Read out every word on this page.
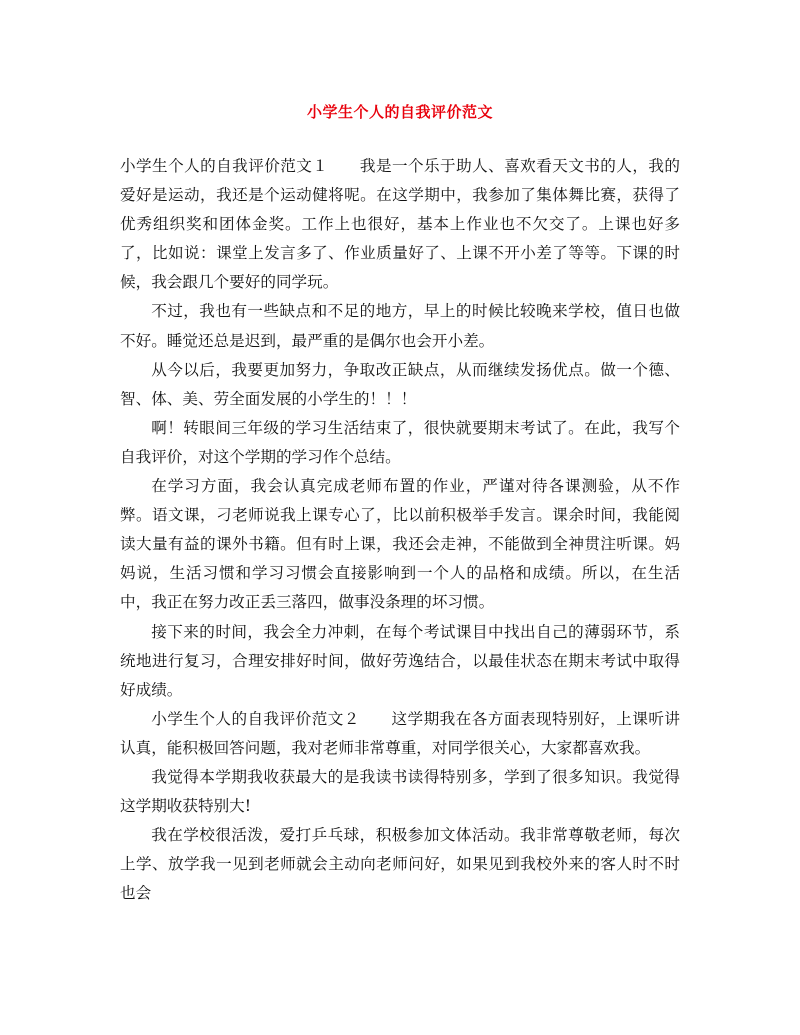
小学生个人的自我评价范文

小学生个人的自我评价范文１ 我是一个乐于助人、喜欢看天文书的人，我的爱好是运动，我还是个运动健将呢。在这学期中，我参加了集体舞比赛，获得了优秀组织奖和团体金奖。工作上也很好，基本上作业也不欠交了。上课也好多了，比如说：课堂上发言多了、作业质量好了、上课不开小差了等等。下课的时候，我会跟几个要好的同学玩。

不过，我也有一些缺点和不足的地方，早上的时候比较晚来学校，值日也做不好。睡觉还总是迟到，最严重的是偶尔也会开小差。

从今以后，我要更加努力，争取改正缺点，从而继续发扬优点。做一个德、智、体、美、劳全面发展的小学生的！！！

啊！转眼间三年级的学习生活结束了，很快就要期末考试了。在此，我写个自我评价，对这个学期的学习作个总结。

在学习方面，我会认真完成老师布置的作业，严谨对待各课测验，从不作弊。语文课，刁老师说我上课专心了，比以前积极举手发言。课余时间，我能阅读大量有益的课外书籍。但有时上课，我还会走神，不能做到全神贯注听课。妈妈说，生活习惯和学习习惯会直接影响到一个人的品格和成绩。所以，在生活中，我正在努力改正丢三落四，做事没条理的坏习惯。

接下来的时间，我会全力冲刺，在每个考试课目中找出自己的薄弱环节，系统地进行复习，合理安排好时间，做好劳逸结合，以最佳状态在期末考试中取得好成绩。

小学生个人的自我评价范文２ 这学期我在各方面表现特别好，上课听讲认真，能积极回答问题，我对老师非常尊重，对同学很关心，大家都喜欢我。

我觉得本学期我收获最大的是我读书读得特别多，学到了很多知识。我觉得这学期收获特别大!

我在学校很活泼，爱打乒乓球，积极参加文体活动。我非常尊敬老师，每次上学、放学我一见到老师就会主动向老师问好，如果见到我校外来的客人时不时也会
